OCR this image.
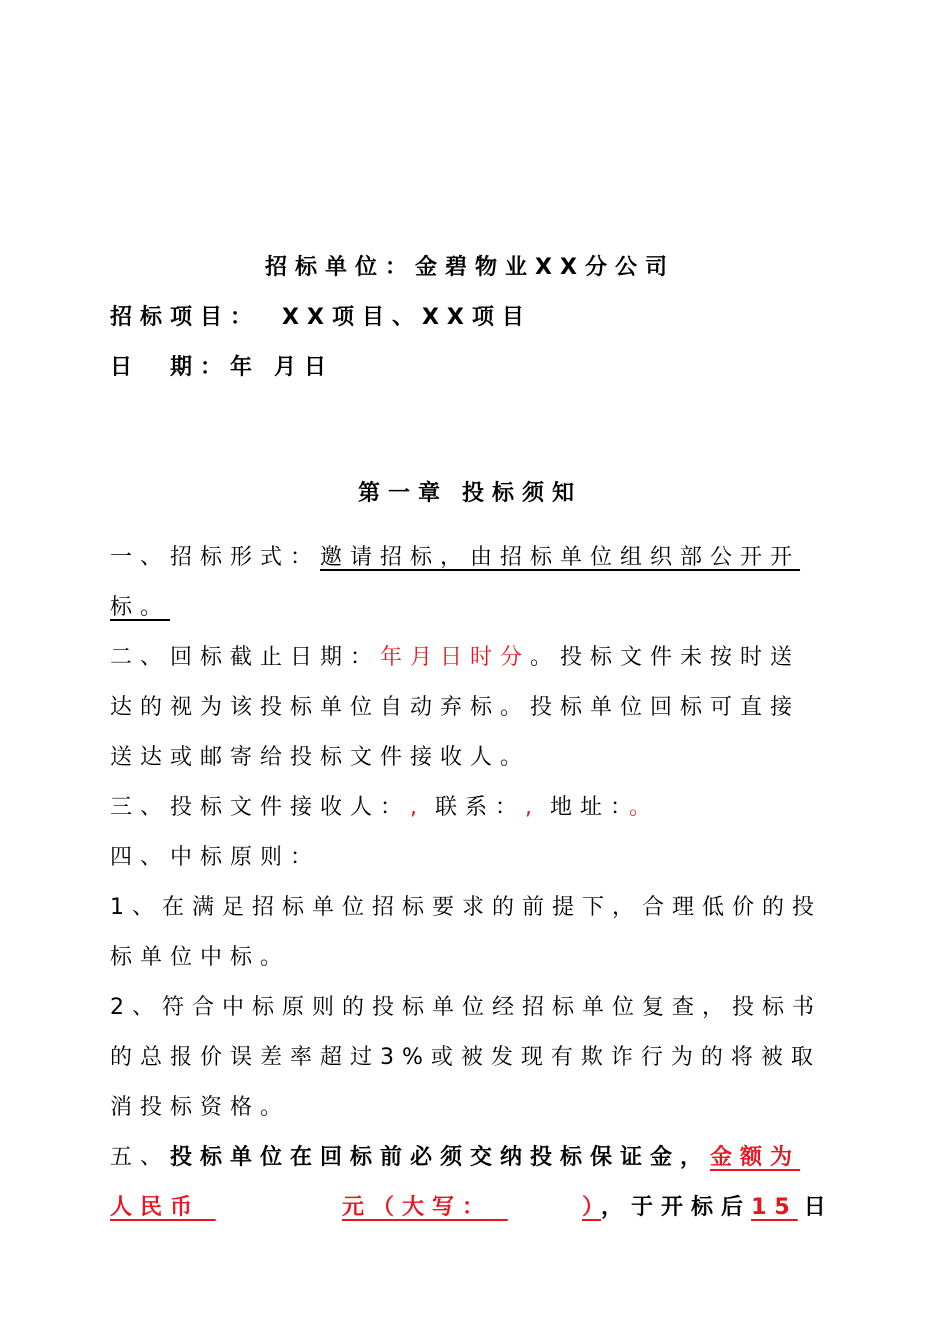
招标单位：金碧物业XX分公司
招标项目： XX项目、XX项目
日 期：年 月日
第一章 投标须知
一、招标形式：邀请招标，由招标单位组织部公开开
标。
二、回标截止日期：年月日时分。投标文件未按时送
达的视为该投标单位自动弃标。投标单位回标可直接
送达或邮寄给投标文件接收人。
三、投标文件接收人：, 联系：, 地址：。
四、中标原则：
1、在满足招标单位招标要求的前提下，合理低价的投
标单位中标。
2、符合中标原则的投标单位经招标单位复查，投标书
的总报价误差率超过3%或被发现有欺诈行为的将被取
消投标资格。
五、投标单位在回标前必须交纳投标保证金，金额为
人民币	元（大写：	），于开标后15 日
